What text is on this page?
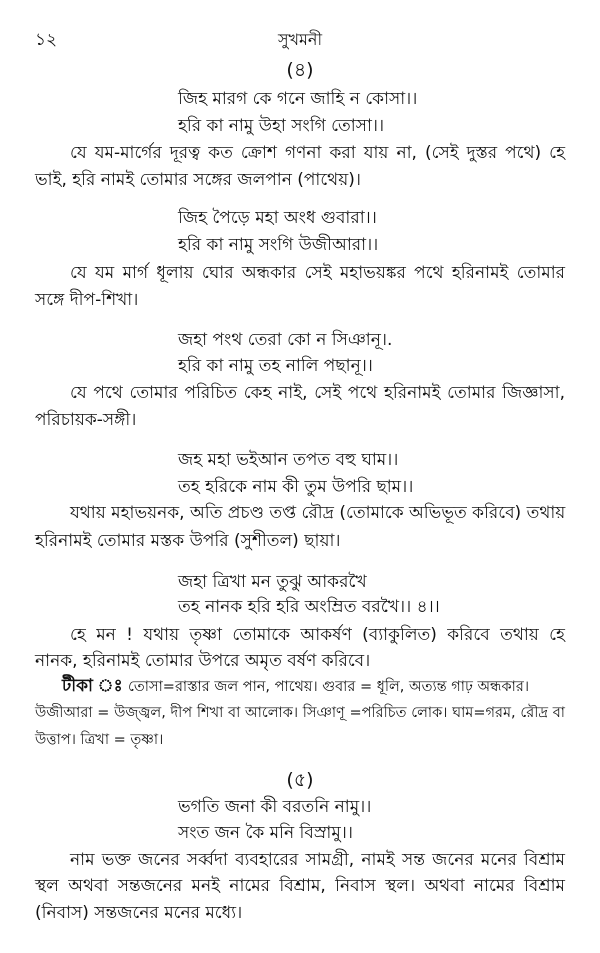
১২	সুখমনী
(৪)
জিহ মারগ কে গনে জাহি ন কোসা।।
হরি কা নামু উহা সংগি তোসা।।
যে যম-মার্গের দূরত্ব কত ক্রোশ গণনা করা যায় না, (সেই দুস্তর পথে) হে
ভাই, হরি নামই তোমার সঙ্গের জলপান (পাথেয়)।
জিহ পৈড়ে মহা অংধ গুবারা।।
হরি কা নামু সংগি উজীআরা।।
যে যম মার্গ ধূলায় ঘোর অন্ধকার সেই মহাভয়ঙ্কর পথে হরিনামই তোমার
সঙ্গে দীপ-শিখা।
জহা পংথ তেরা কো ন সিঞানূ।.
হরি কা নামু তহ নালি পছানূ।।
যে পথে তোমার পরিচিত কেহ নাই, সেই পথে হরিনামই তোমার জিজ্ঞাসা,
পরিচায়ক-সঙ্গী।
জহ মহা ভইআন তপত বহু ঘাম।।
তহ হরিকে নাম কী তুম উপরি ছাম।।
যথায় মহাভয়নক, অতি প্রচণ্ড তপ্ত রৌদ্র (তোমাকে অভিভূত করিবে) তথায়
হরিনামই তোমার মস্তক উপরি (সুশীতল) ছায়া।
জহা ত্রিখা মন তুঝু আকরখৈ
তহ নানক হরি হরি অংম্রিত বরখৈ।। ৪।।
হে মন ! যথায় তৃষ্ণা তোমাকে আকর্ষণ (ব্যাকুলিত) করিবে তথায় হে
নানক, হরিনামই তোমার উপরে অমৃত বর্ষণ করিবে।
টীকা ঃ তোসা=রাস্তার জল পান, পাথেয়। গুবার = ধূলি, অত্যন্ত গাঢ় অন্ধকার।
উজীআরা = উজ্জ্বল, দীপ শিখা বা আলোক। সিঞাণূ =পরিচিত লোক। ঘাম=গরম, রৌদ্র বা
উত্তাপ। ত্রিখা = তৃষ্ণা।
(৫)
ভগতি জনা কী বরতনি নামু।।
সংত জন কৈ মনি বিস্রামু।।
নাম ভক্ত জনের সর্ব্বদা ব্যবহারের সামগ্রী, নামই সন্ত জনের মনের বিশ্রাম
স্থল অথবা সন্তজনের মনই নামের বিশ্রাম, নিবাস স্থল। অথবা নামের বিশ্রাম
(নিবাস) সন্তজনের মনের মধ্যে।
